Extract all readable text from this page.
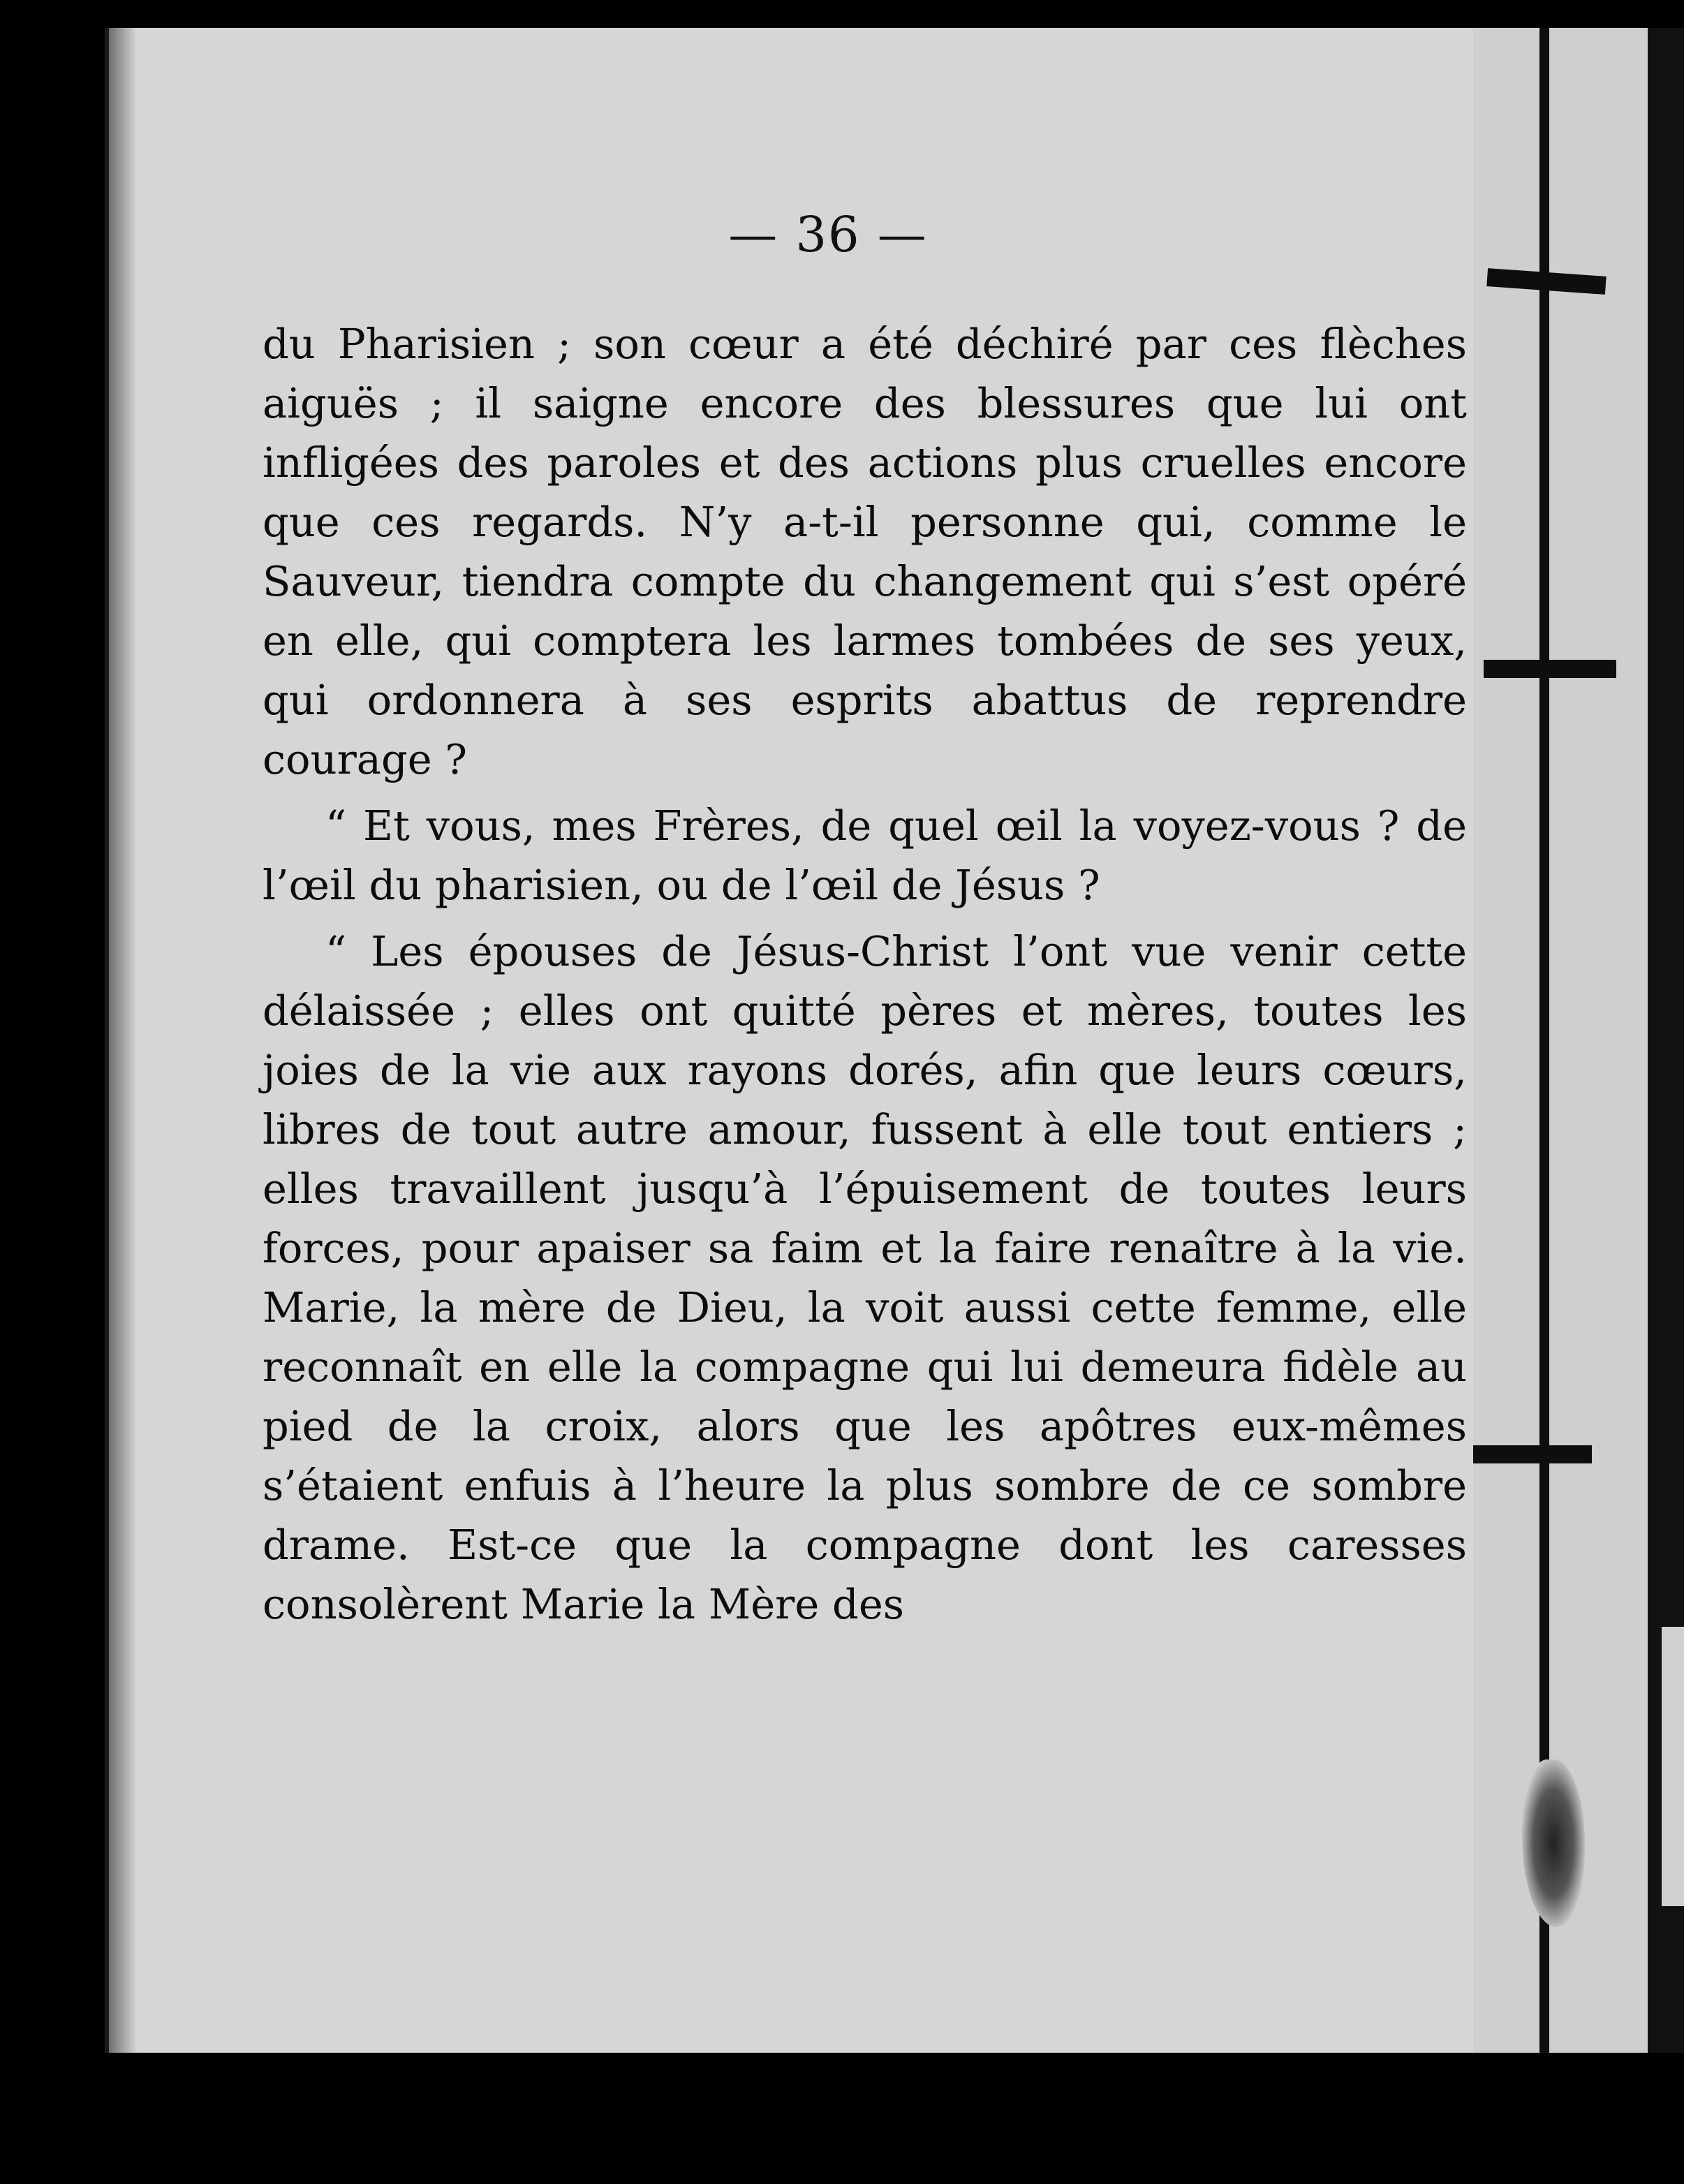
— 36 —

du Pharisien ; son cœur a été déchiré par ces flèches aiguës ; il saigne encore des blessures que lui ont infligées des paroles et des actions plus cruelles encore que ces regards. N’y a-t-il personne qui, comme le Sauveur, tiendra compte du changement qui s’est opéré en elle, qui comptera les larmes tombées de ses yeux, qui ordonnera à ses esprits abattus de reprendre courage ?

“ Et vous, mes Frères, de quel œil la voyez-vous ? de l’œil du pharisien, ou de l’œil de Jésus ?

“ Les épouses de Jésus-Christ l’ont vue venir cette délaissée ; elles ont quitté pères et mères, toutes les joies de la vie aux rayons dorés, afin que leurs cœurs, libres de tout autre amour, fussent à elle tout entiers ; elles travaillent jusqu’à l’épuisement de toutes leurs forces, pour apaiser sa faim et la faire renaître à la vie. Marie, la mère de Dieu, la voit aussi cette femme, elle reconnaît en elle la compagne qui lui demeura fidèle au pied de la croix, alors que les apôtres eux-mêmes s’étaient enfuis à l’heure la plus sombre de ce sombre drame. Est-ce que la compagne dont les caresses consolèrent Marie la Mère des
